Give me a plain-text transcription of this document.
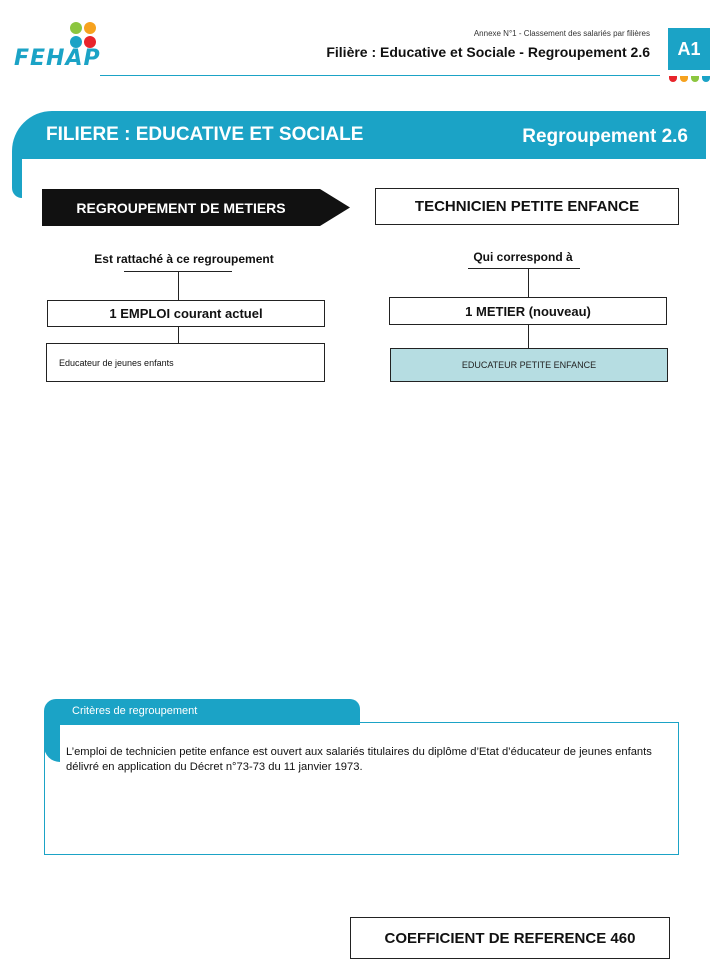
FEHAP
Annexe N°1 - Classement des salariés par filières
Filière : Educative et Sociale - Regroupement 2.6	A1
FILIERE : EDUCATIVE ET SOCIALE	Regroupement 2.6
REGROUPEMENT DE METIERS
Est rattaché à ce regroupement
1 EMPLOI courant actuel
Educateur de jeunes enfants
TECHNICIEN PETITE ENFANCE
Qui correspond à
1 METIER (nouveau)
EDUCATEUR PETITE ENFANCE
Critères de regroupement
L’emploi de technicien petite enfance est ouvert aux salariés titulaires du diplôme d’Etat d’éducateur de jeunes enfants délivré en application du Décret n°73-73 du 11 janvier 1973.
COEFFICIENT DE REFERENCE 460
